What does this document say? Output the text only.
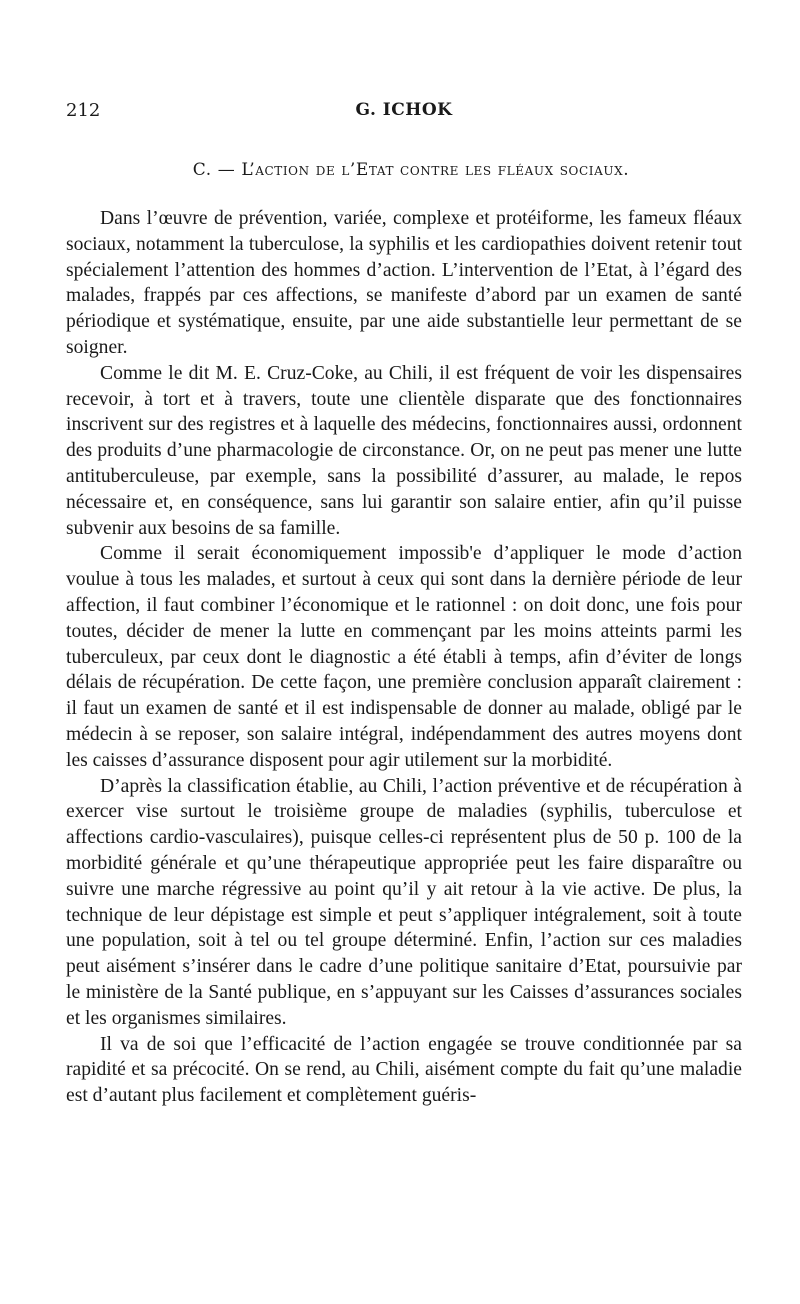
212	G. ICHOK
C. — L’action de l’Etat contre les fléaux sociaux.

Dans l’œuvre de prévention, variée, complexe et protéiforme, les fameux fléaux sociaux, notamment la tuberculose, la syphilis et les cardiopathies doivent retenir tout spécialement l’attention des hommes d’action. L’intervention de l’Etat, à l’égard des malades, frappés par ces affections, se manifeste d’abord par un examen de santé périodique et systématique, ensuite, par une aide substantielle leur permettant de se soigner.

Comme le dit M. E. Cruz-Coke, au Chili, il est fréquent de voir les dispensaires recevoir, à tort et à travers, toute une clientèle disparate que des fonctionnaires inscrivent sur des registres et à laquelle des médecins, fonctionnaires aussi, ordonnent des produits d’une pharmacologie de circonstance. Or, on ne peut pas mener une lutte antituberculeuse, par exemple, sans la possibilité d’assurer, au malade, le repos nécessaire et, en conséquence, sans lui garantir son salaire entier, afin qu’il puisse subvenir aux besoins de sa famille.

Comme il serait économiquement impossib'e d’appliquer le mode d’action voulue à tous les malades, et surtout à ceux qui sont dans la dernière période de leur affection, il faut combiner l’économique et le rationnel : on doit donc, une fois pour toutes, décider de mener la lutte en commençant par les moins atteints parmi les tuberculeux, par ceux dont le diagnostic a été établi à temps, afin d’éviter de longs délais de récupération. De cette façon, une première conclusion apparaît clairement : il faut un examen de santé et il est indispensable de donner au malade, obligé par le médecin à se reposer, son salaire intégral, indépendamment des autres moyens dont les caisses d’assurance disposent pour agir utilement sur la morbidité.

D’après la classification établie, au Chili, l’action préventive et de récupération à exercer vise surtout le troisième groupe de maladies (syphilis, tuberculose et affections cardio-vasculaires), puisque celles-ci représentent plus de 50 p. 100 de la morbidité générale et qu’une thérapeutique appropriée peut les faire disparaître ou suivre une marche régressive au point qu’il y ait retour à la vie active. De plus, la technique de leur dépistage est simple et peut s’appliquer intégralement, soit à toute une population, soit à tel ou tel groupe déterminé. Enfin, l’action sur ces maladies peut aisément s’insérer dans le cadre d’une politique sanitaire d’Etat, poursuivie par le ministère de la Santé publique, en s’appuyant sur les Caisses d’assurances sociales et les organismes similaires.

Il va de soi que l’efficacité de l’action engagée se trouve conditionnée par sa rapidité et sa précocité. On se rend, au Chili, aisément compte du fait qu’une maladie est d’autant plus facilement et complètement guéris-
